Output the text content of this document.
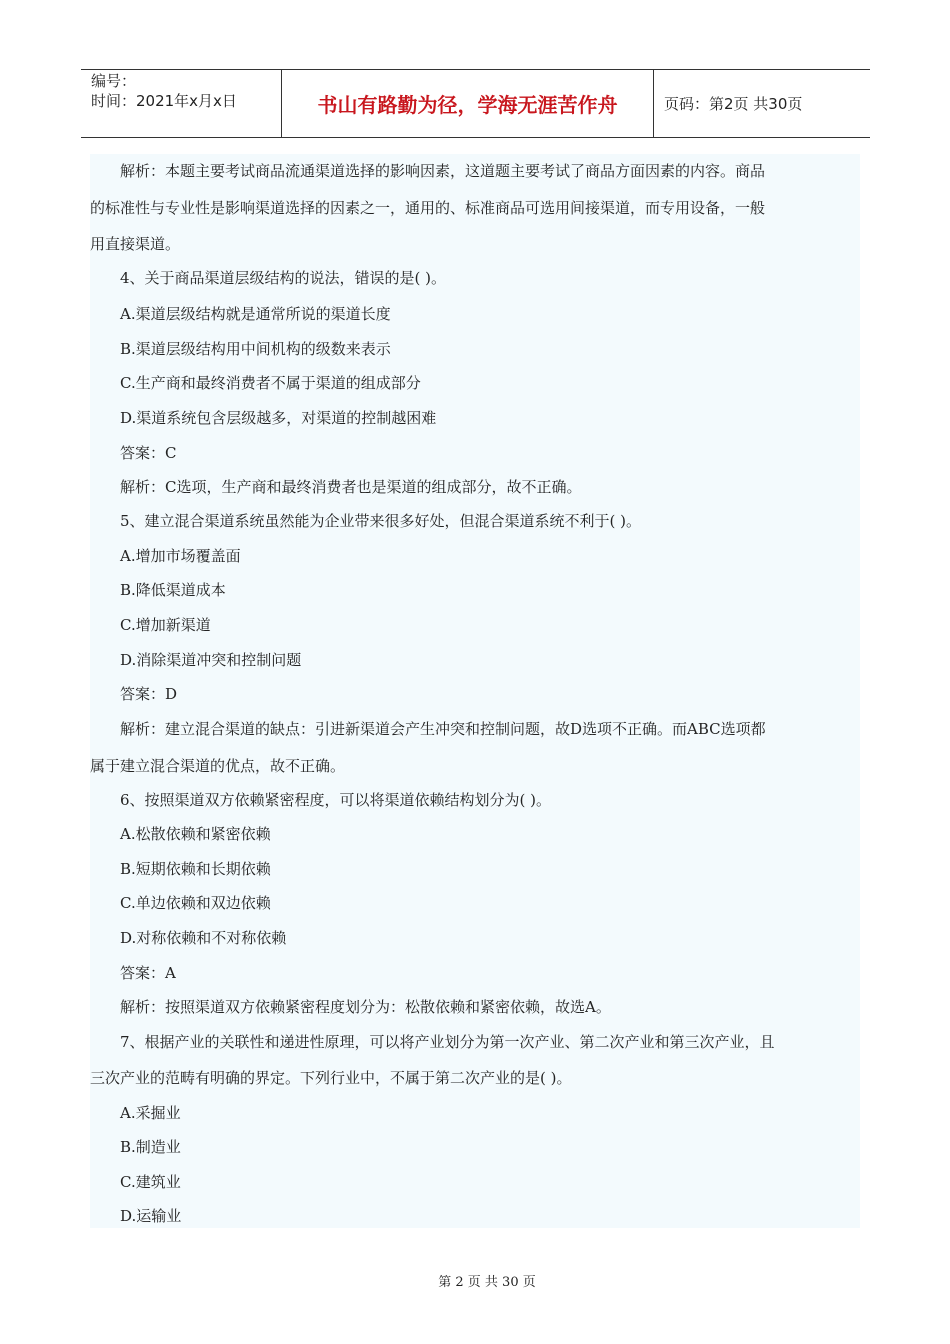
编号：
时间：2021年x月x日	书山有路勤为径，学海无涯苦作舟	页码：第2页 共30页
　　解析：本题主要考试商品流通渠道选择的影响因素，这道题主要考试了商品方面因素的内容。商品
的标准性与专业性是影响渠道选择的因素之一，通用的、标准商品可选用间接渠道，而专用设备，一般
用直接渠道。
　　4、关于商品渠道层级结构的说法，错误的是( )。
　　A.渠道层级结构就是通常所说的渠道长度
　　B.渠道层级结构用中间机构的级数来表示
　　C.生产商和最终消费者不属于渠道的组成部分
　　D.渠道系统包含层级越多，对渠道的控制越困难
　　答案：C
　　解析：C选项，生产商和最终消费者也是渠道的组成部分，故不正确。
　　5、建立混合渠道系统虽然能为企业带来很多好处，但混合渠道系统不利于( )。
　　A.增加市场覆盖面
　　B.降低渠道成本
　　C.增加新渠道
　　D.消除渠道冲突和控制问题
　　答案：D
　　解析：建立混合渠道的缺点：引进新渠道会产生冲突和控制问题，故D选项不正确。而ABC选项都
属于建立混合渠道的优点，故不正确。
　　6、按照渠道双方依赖紧密程度，可以将渠道依赖结构划分为( )。
　　A.松散依赖和紧密依赖
　　B.短期依赖和长期依赖
　　C.单边依赖和双边依赖
　　D.对称依赖和不对称依赖
　　答案：A
　　解析：按照渠道双方依赖紧密程度划分为：松散依赖和紧密依赖，故选A。
　　7、根据产业的关联性和递进性原理，可以将产业划分为第一次产业、第二次产业和第三次产业，且
三次产业的范畴有明确的界定。下列行业中，不属于第二次产业的是( )。
　　A.采掘业
　　B.制造业
　　C.建筑业
　　D.运输业
第 2 页 共 30 页
